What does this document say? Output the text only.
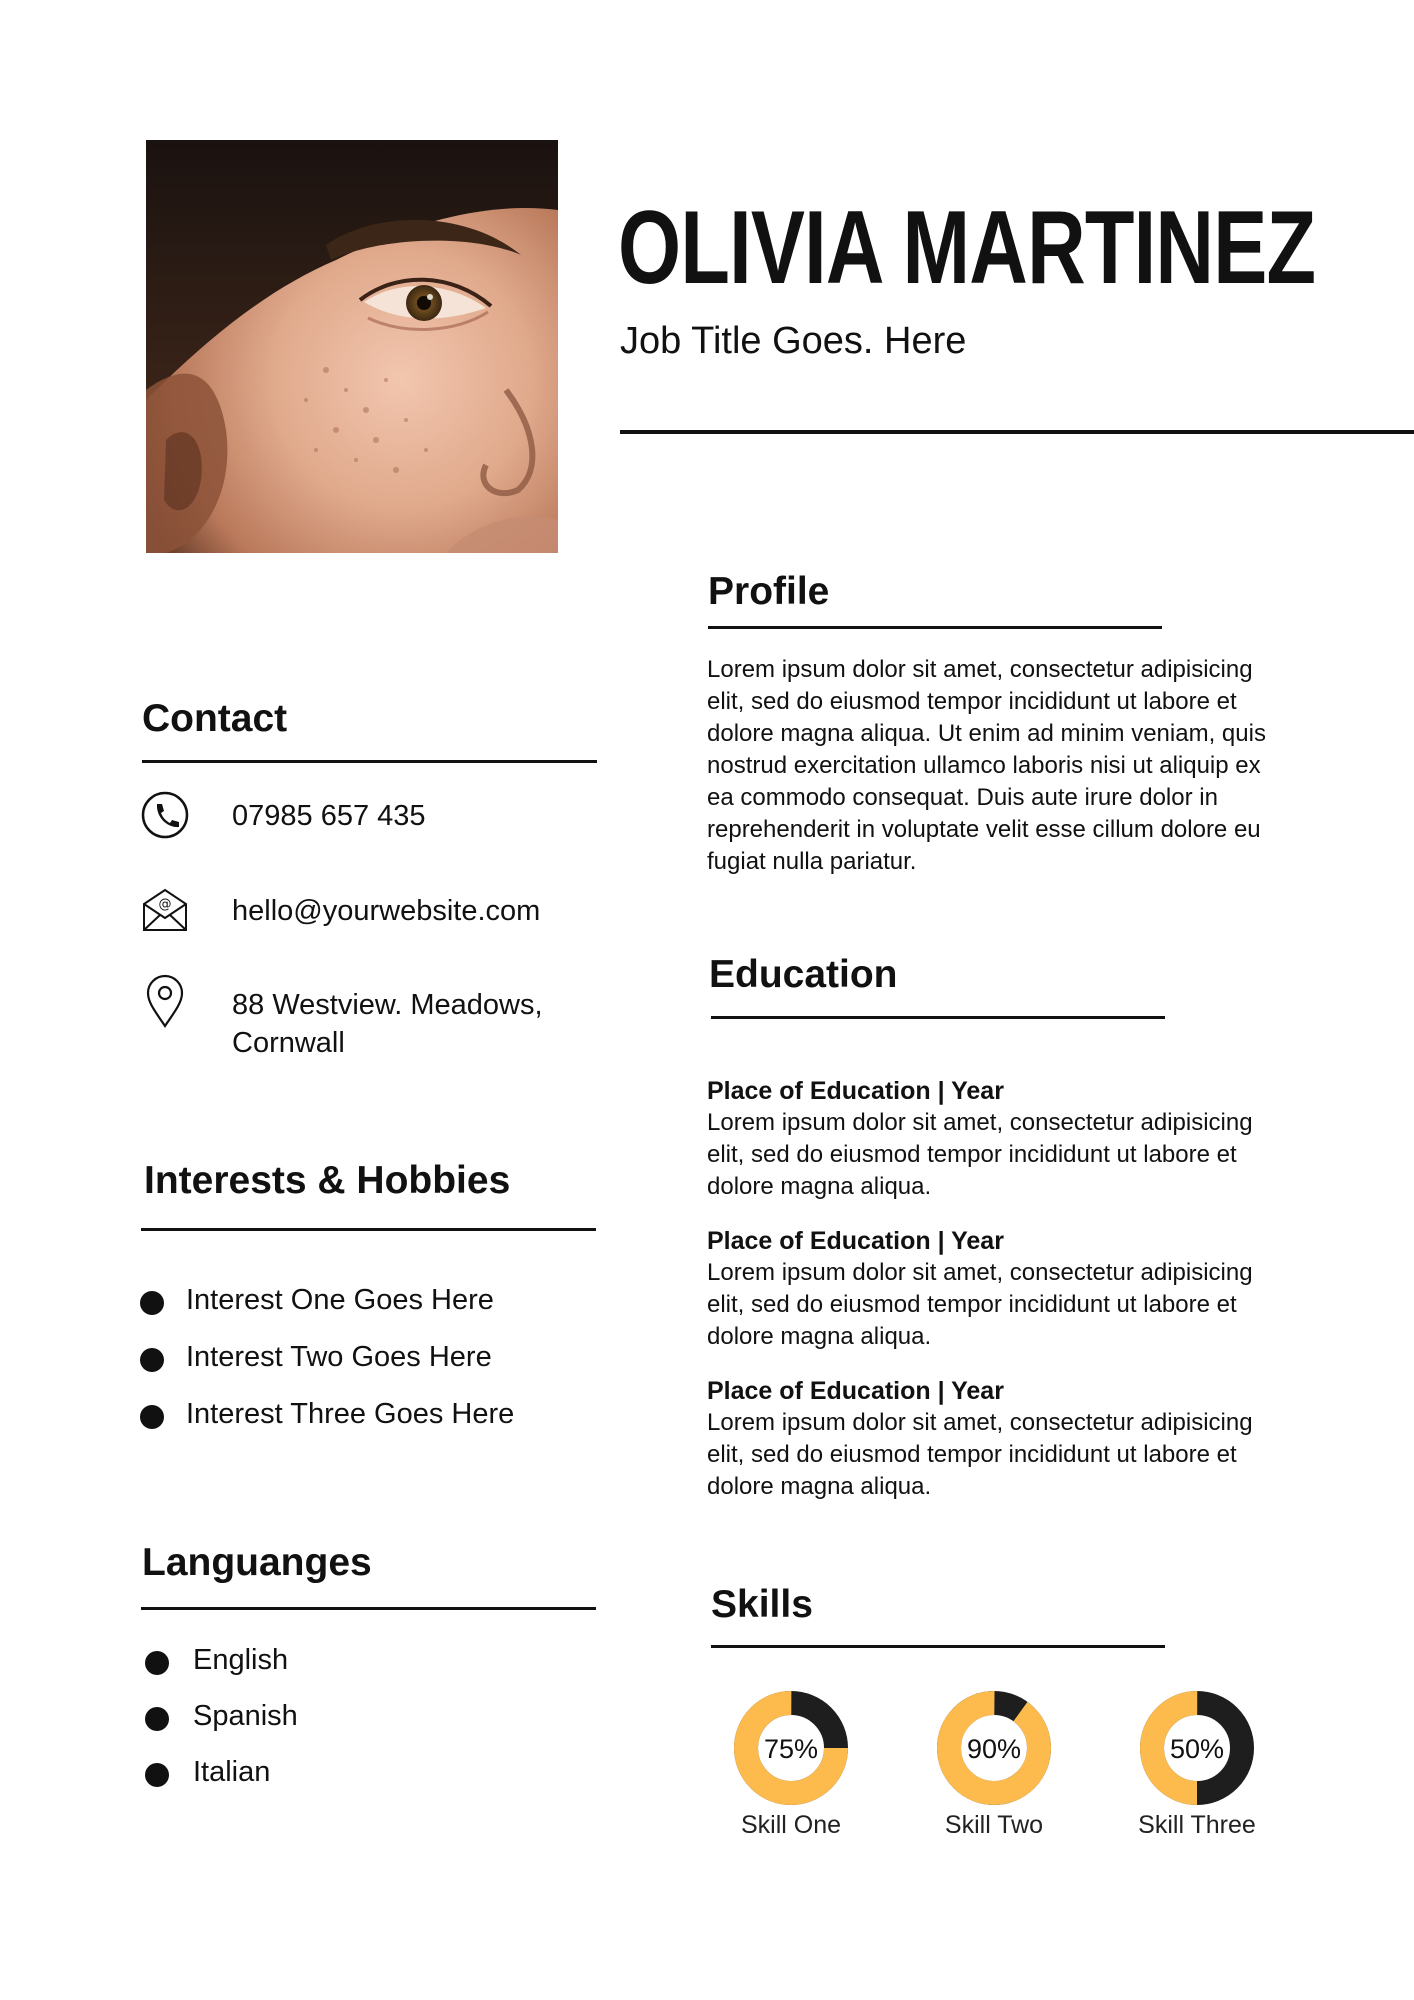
OLIVIA MARTINEZ
Job Title Goes. Here
Contact
07985 657 435
@ hello@yourwebsite.com
88 Westview. Meadows,
Cornwall
Interests & Hobbies
Interest One Goes Here
Interest Two Goes Here
Interest Three Goes Here
Languanges
English
Spanish
Italian
Profile
Lorem ipsum dolor sit amet, consectetur adipisicing elit, sed do eiusmod tempor incididunt ut labore et dolore magna aliqua. Ut enim ad minim veniam, quis nostrud exercitation ullamco laboris nisi ut aliquip ex ea commodo consequat. Duis aute irure dolor in reprehenderit in voluptate velit esse cillum dolore eu fugiat nulla pariatur.
Education
Place of Education | Year
Lorem ipsum dolor sit amet, consectetur adipisicing elit, sed do eiusmod tempor incididunt ut labore et dolore magna aliqua.
Place of Education | Year
Lorem ipsum dolor sit amet, consectetur adipisicing elit, sed do eiusmod tempor incididunt ut labore et dolore magna aliqua.
Place of Education | Year
Lorem ipsum dolor sit amet, consectetur adipisicing elit, sed do eiusmod tempor incididunt ut labore et dolore magna aliqua.
Skills
75%
Skill One
90%
Skill Two
50%
Skill Three
